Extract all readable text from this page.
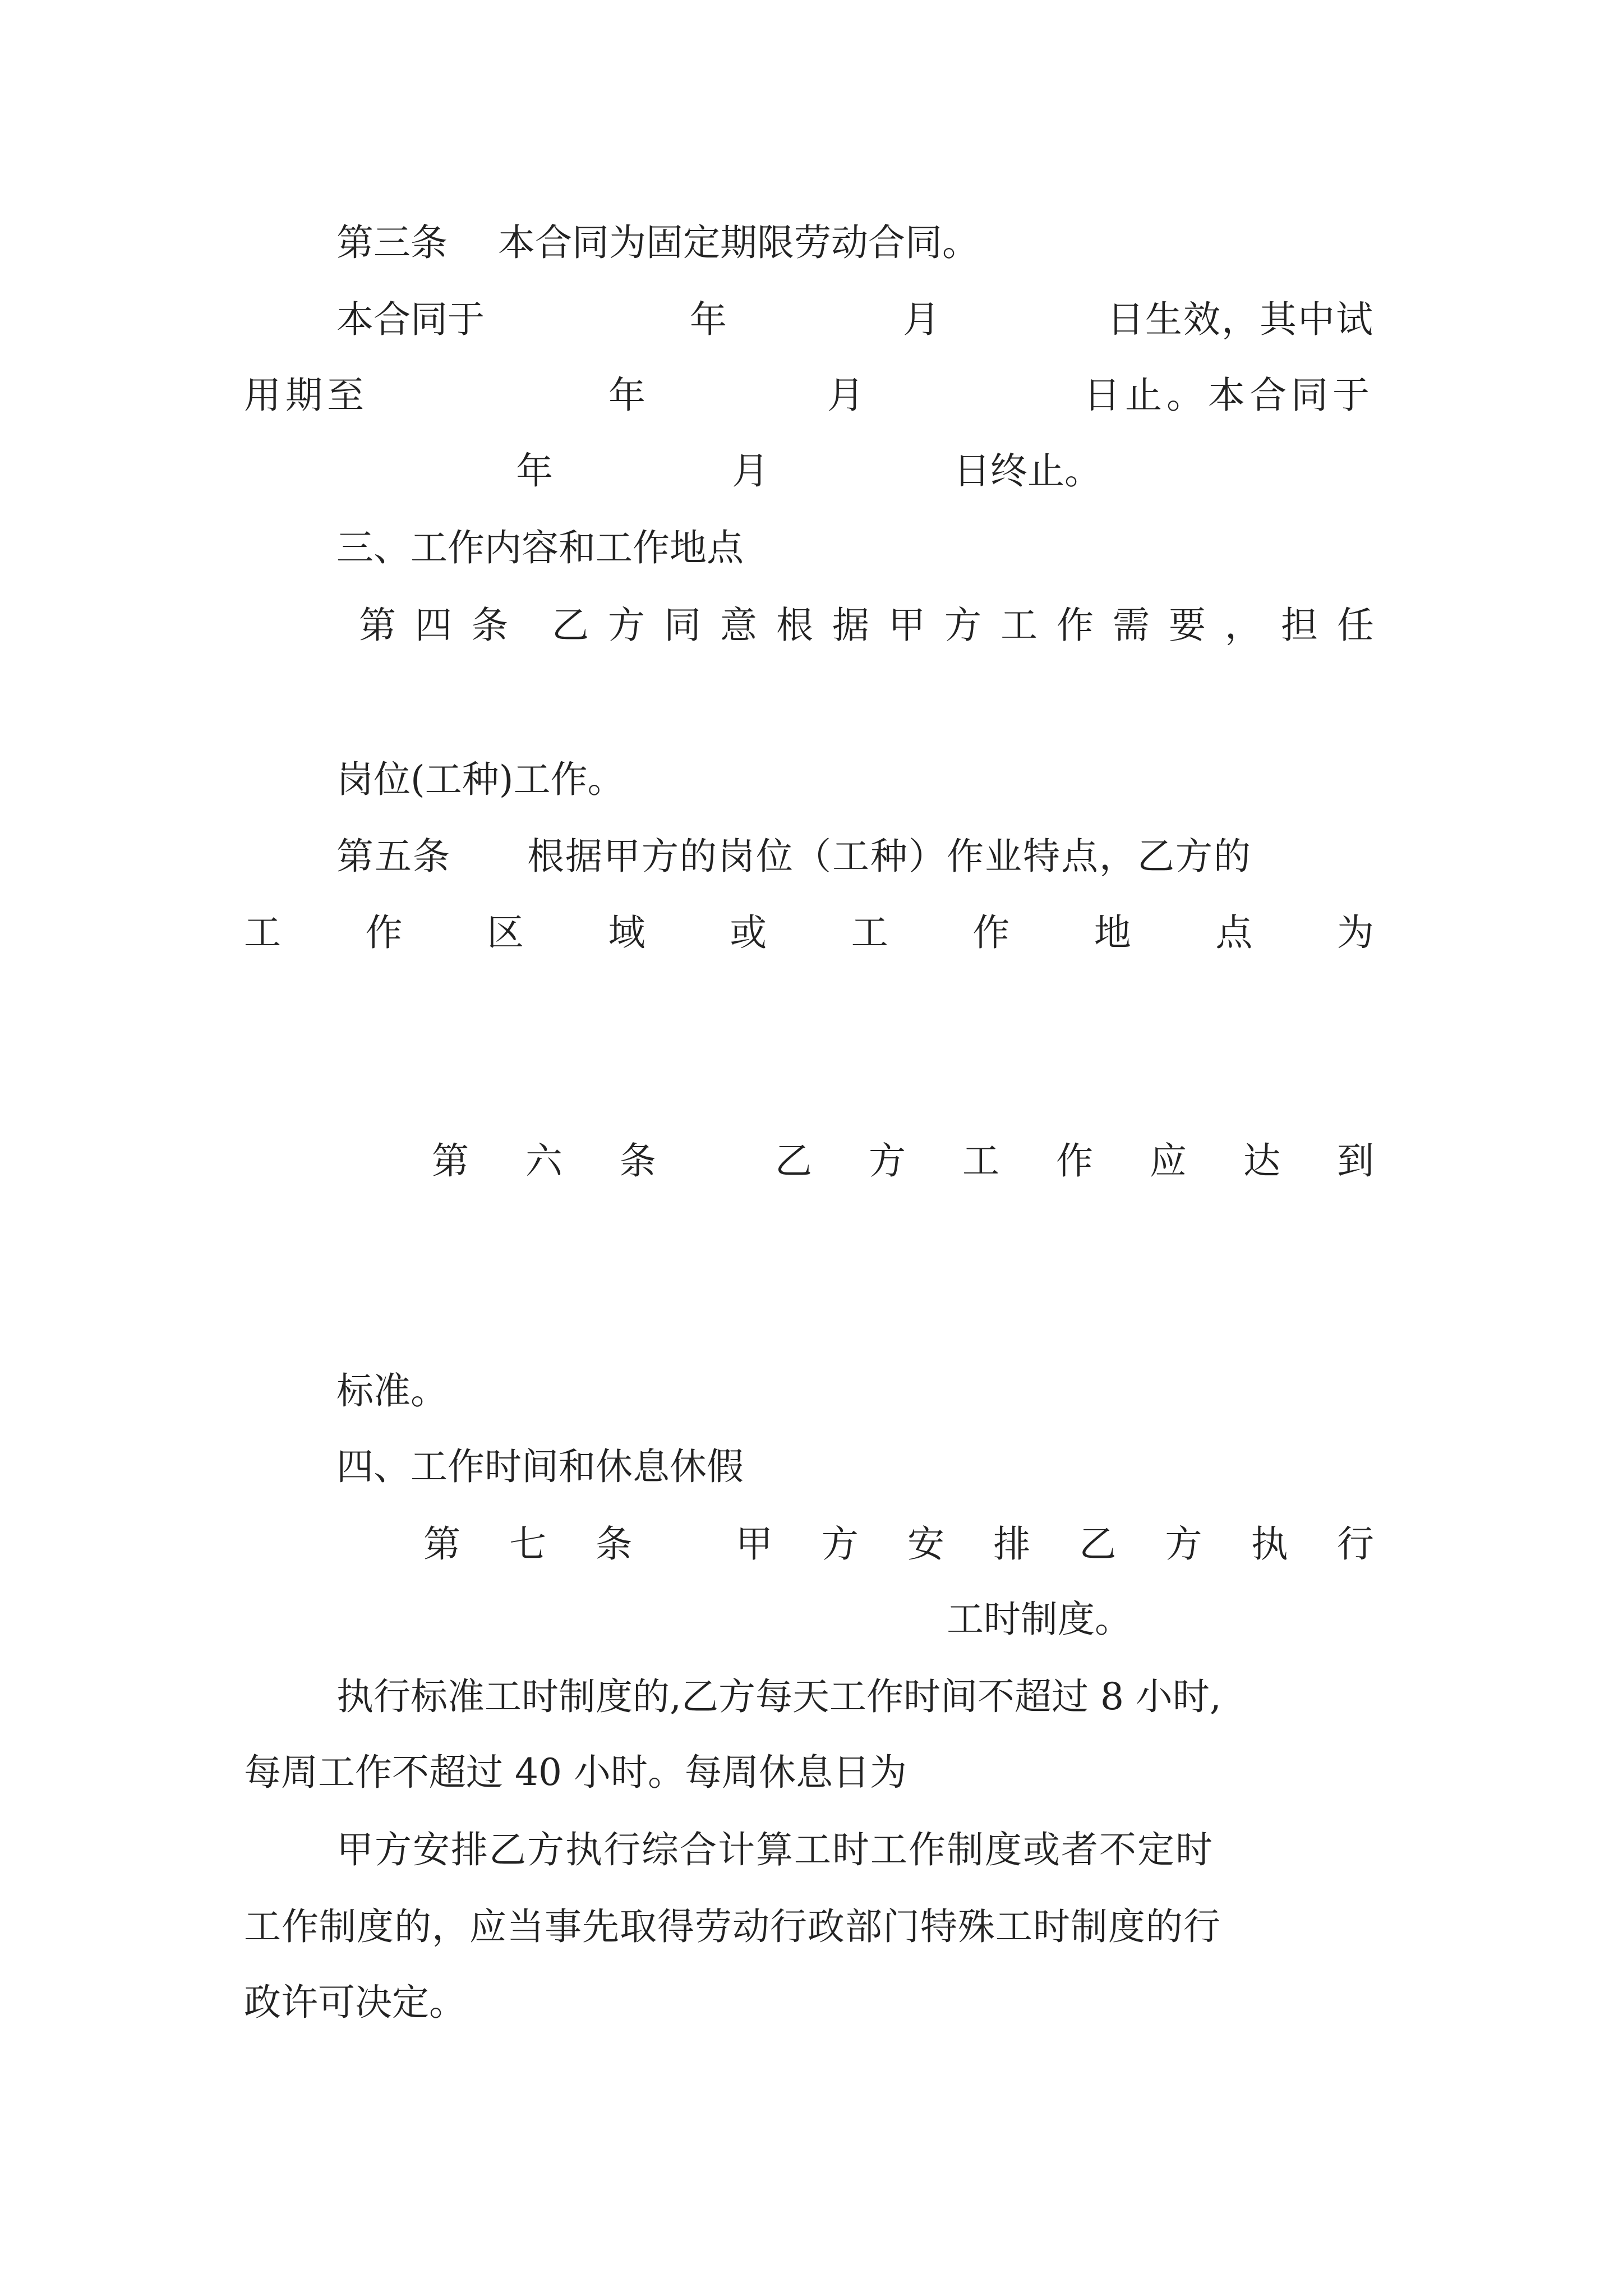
第三条 本合同为固定期限劳动合同。
本合同于	年	月	日生效，其中试
用期至	年	月	日止。本合同于
年	月	日终止。
三、工作内容和工作地点
第 四 条 乙 方 同 意 根 据 甲 方 工 作 需 要 ， 担 任
岗位(工种)工作。
第五条　　根据甲方的岗位（工种）作业特点，乙方的
工 作 区 域 或 工 作 地 点 为
第 六 条	乙 方 工 作 应 达 到
标准。
四、工作时间和休息休假
第 七 条	甲 方 安 排 乙 方 执 行
工时制度。
执行标准工时制度的,乙方每天工作时间不超过 8 小时,
每周工作不超过 40 小时。每周休息日为
甲方安排乙方执行综合计算工时工作制度或者不定时
工作制度的，应当事先取得劳动行政部门特殊工时制度的行
政许可决定。
